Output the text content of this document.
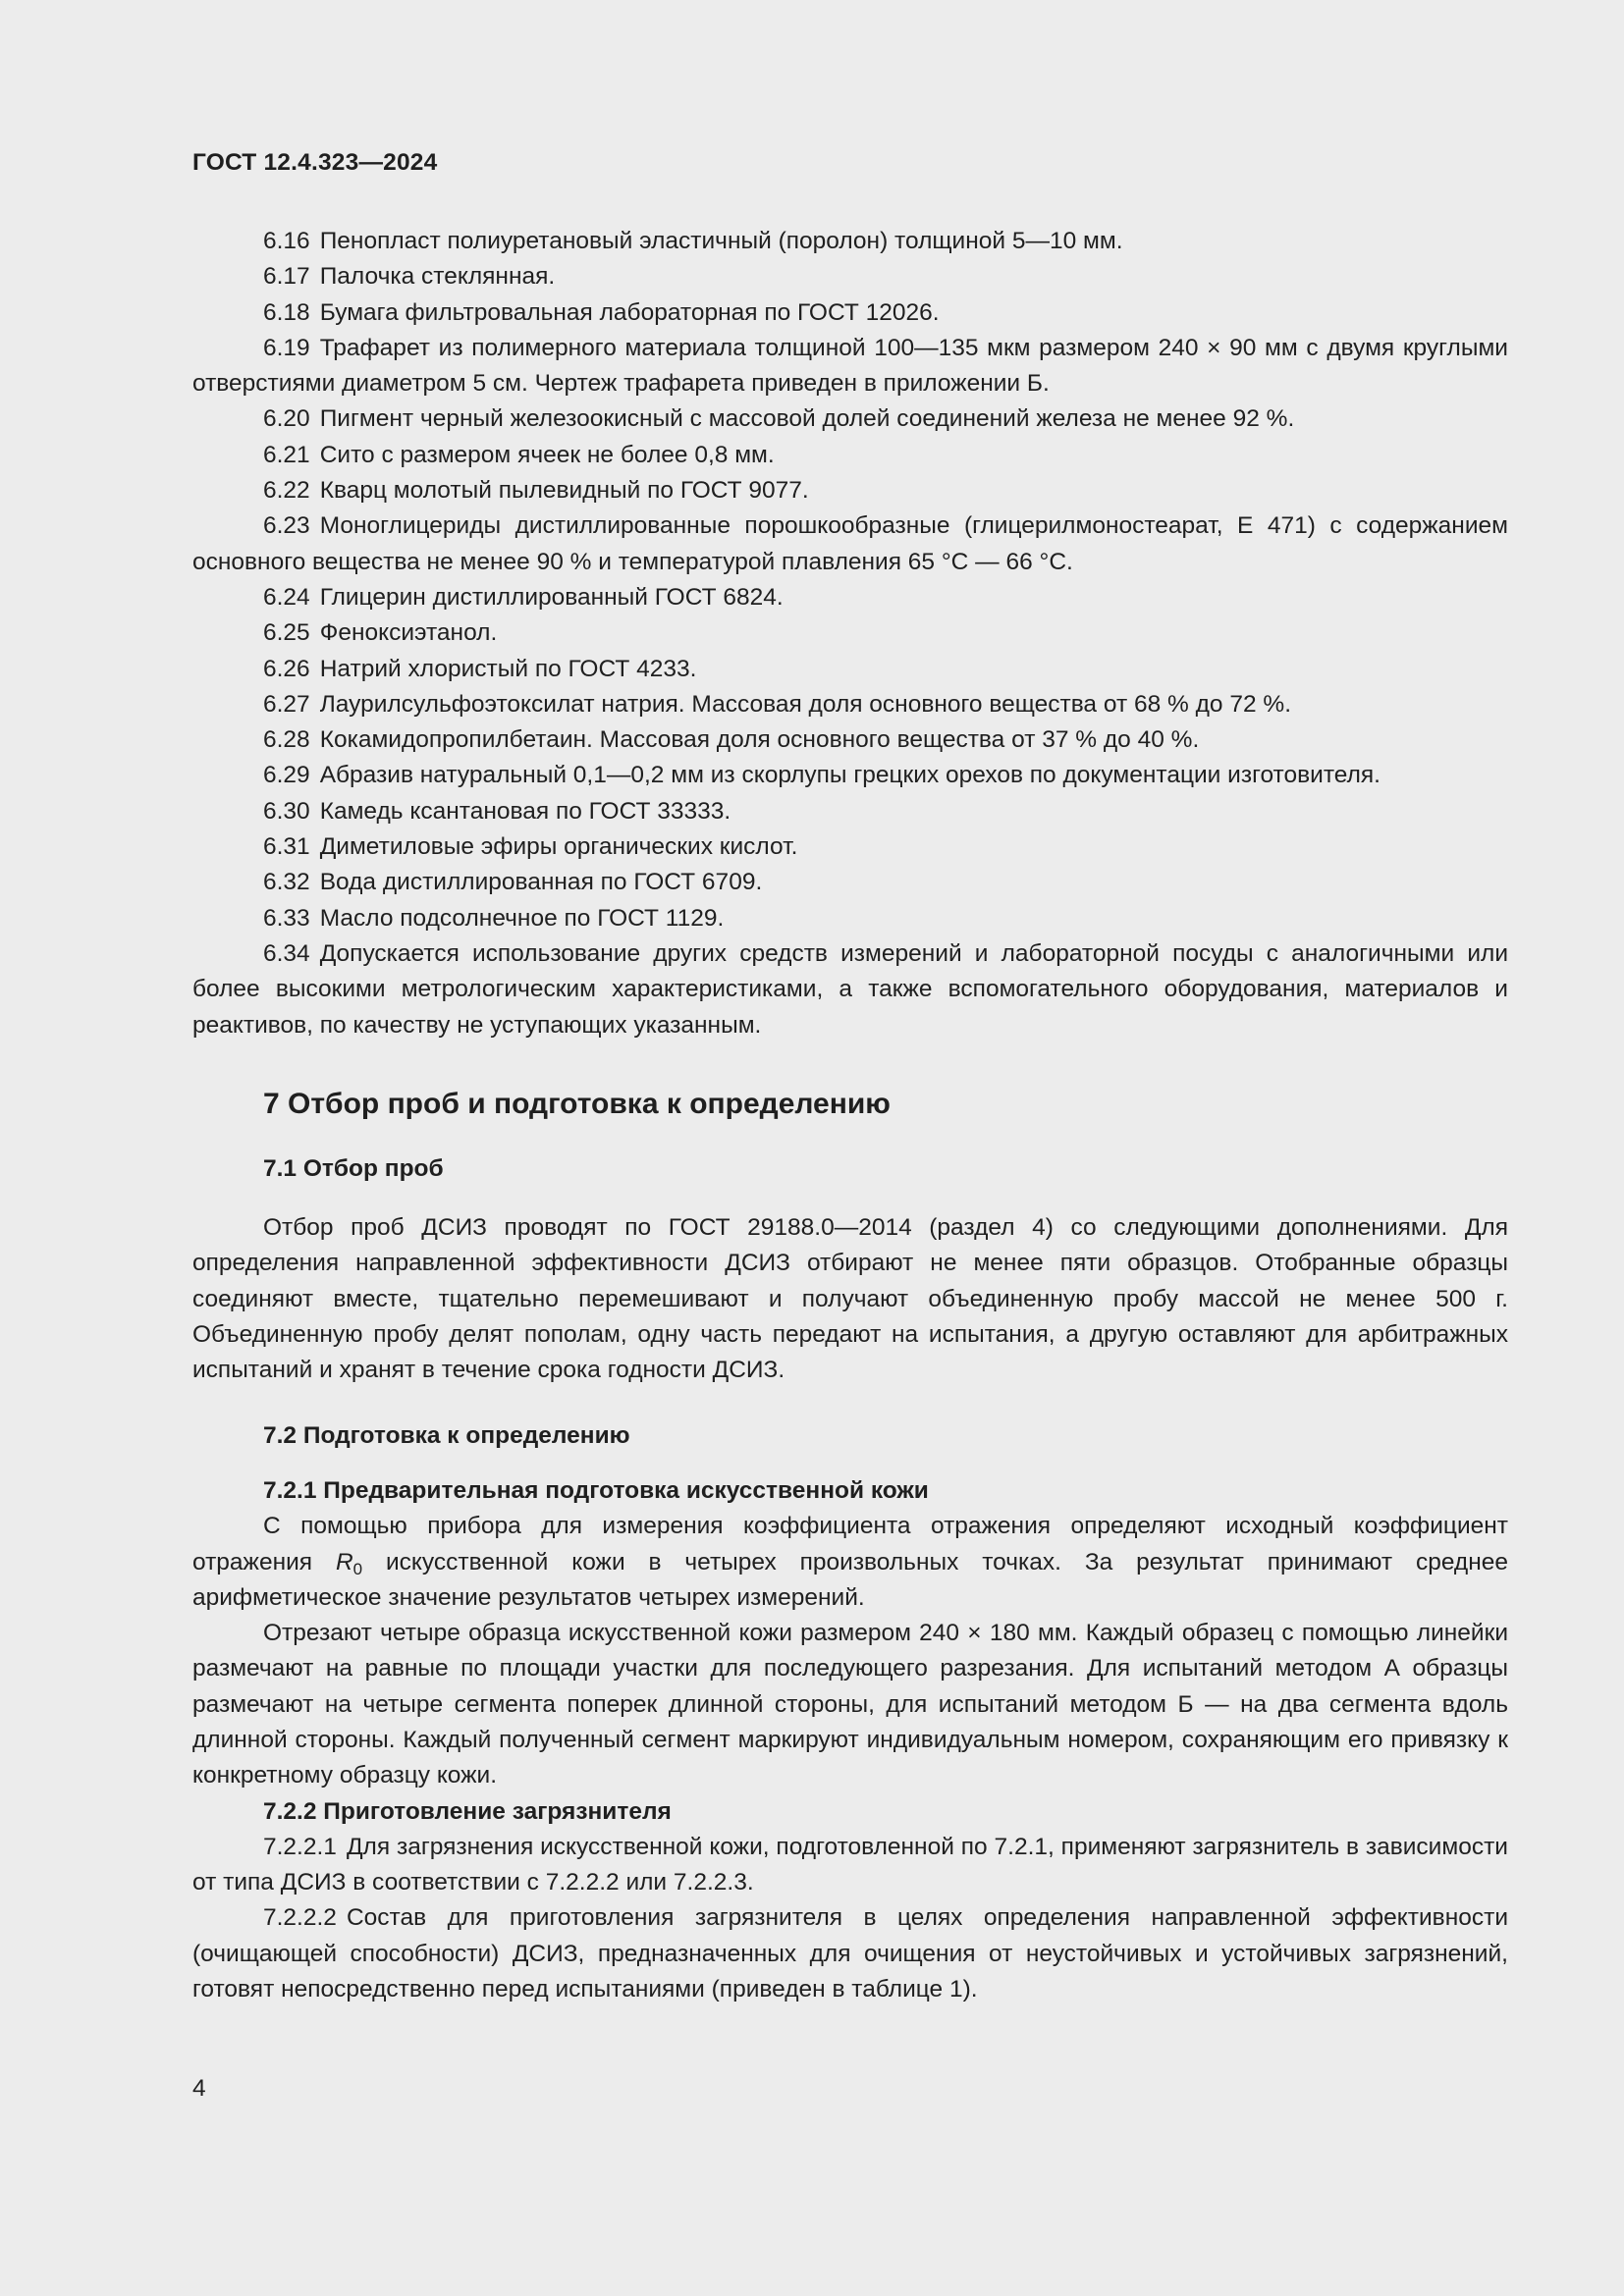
ГОСТ 12.4.323—2024

6.16 Пенопласт полиуретановый эластичный (поролон) толщиной 5—10 мм.

6.17 Палочка стеклянная.

6.18 Бумага фильтровальная лабораторная по ГОСТ 12026.

6.19 Трафарет из полимерного материала толщиной 100—135 мкм размером 240 × 90 мм с двумя круглыми отверстиями диаметром 5 см. Чертеж трафарета приведен в приложении Б.

6.20 Пигмент черный железоокисный с массовой долей соединений железа не менее 92 %.

6.21 Сито с размером ячеек не более 0,8 мм.

6.22 Кварц молотый пылевидный по ГОСТ 9077.

6.23 Моноглицериды дистиллированные порошкообразные (глицерилмоностеарат, Е 471) с содержанием основного вещества не менее 90 % и температурой плавления 65 °С — 66 °С.

6.24 Глицерин дистиллированный ГОСТ 6824.

6.25 Феноксиэтанол.

6.26 Натрий хлористый по ГОСТ 4233.

6.27 Лаурилсульфоэтоксилат натрия. Массовая доля основного вещества от 68 % до 72 %.

6.28 Кокамидопропилбетаин. Массовая доля основного вещества от 37 % до 40 %.

6.29 Абразив натуральный 0,1—0,2 мм из скорлупы грецких орехов по документации изготовителя.

6.30 Камедь ксантановая по ГОСТ 33333.

6.31 Диметиловые эфиры органических кислот.

6.32 Вода дистиллированная по ГОСТ 6709.

6.33 Масло подсолнечное по ГОСТ 1129.

6.34 Допускается использование других средств измерений и лабораторной посуды с аналогичными или более высокими метрологическим характеристиками, а также вспомогательного оборудования, материалов и реактивов, по качеству не уступающих указанным.

7 Отбор проб и подготовка к определению
7.1 Отбор проб

Отбор проб ДСИЗ проводят по ГОСТ 29188.0—2014 (раздел 4) со следующими дополнениями. Для определения направленной эффективности ДСИЗ отбирают не менее пяти образцов. Отобранные образцы соединяют вместе, тщательно перемешивают и получают объединенную пробу массой не менее 500 г. Объединенную пробу делят пополам, одну часть передают на испытания, а другую оставляют для арбитражных испытаний и хранят в течение срока годности ДСИЗ.

7.2 Подготовка к определению
7.2.1 Предварительная подготовка искусственной кожи

С помощью прибора для измерения коэффициента отражения определяют исходный коэффициент отражения $R_0$ искусственной кожи в четырех произвольных точках. За результат принимают среднее арифметическое значение результатов четырех измерений.

Отрезают четыре образца искусственной кожи размером 240 × 180 мм. Каждый образец с помощью линейки размечают на равные по площади участки для последующего разрезания. Для испытаний методом А образцы размечают на четыре сегмента поперек длинной стороны, для испытаний методом Б — на два сегмента вдоль длинной стороны. Каждый полученный сегмент маркируют индивидуальным номером, сохраняющим его привязку к конкретному образцу кожи.

7.2.2 Приготовление загрязнителя

7.2.2.1 Для загрязнения искусственной кожи, подготовленной по 7.2.1, применяют загрязнитель в зависимости от типа ДСИЗ в соответствии с 7.2.2.2 или 7.2.2.3.

7.2.2.2 Состав для приготовления загрязнителя в целях определения направленной эффективности (очищающей способности) ДСИЗ, предназначенных для очищения от неустойчивых и устойчивых загрязнений, готовят непосредственно перед испытаниями (приведен в таблице 1).

4
